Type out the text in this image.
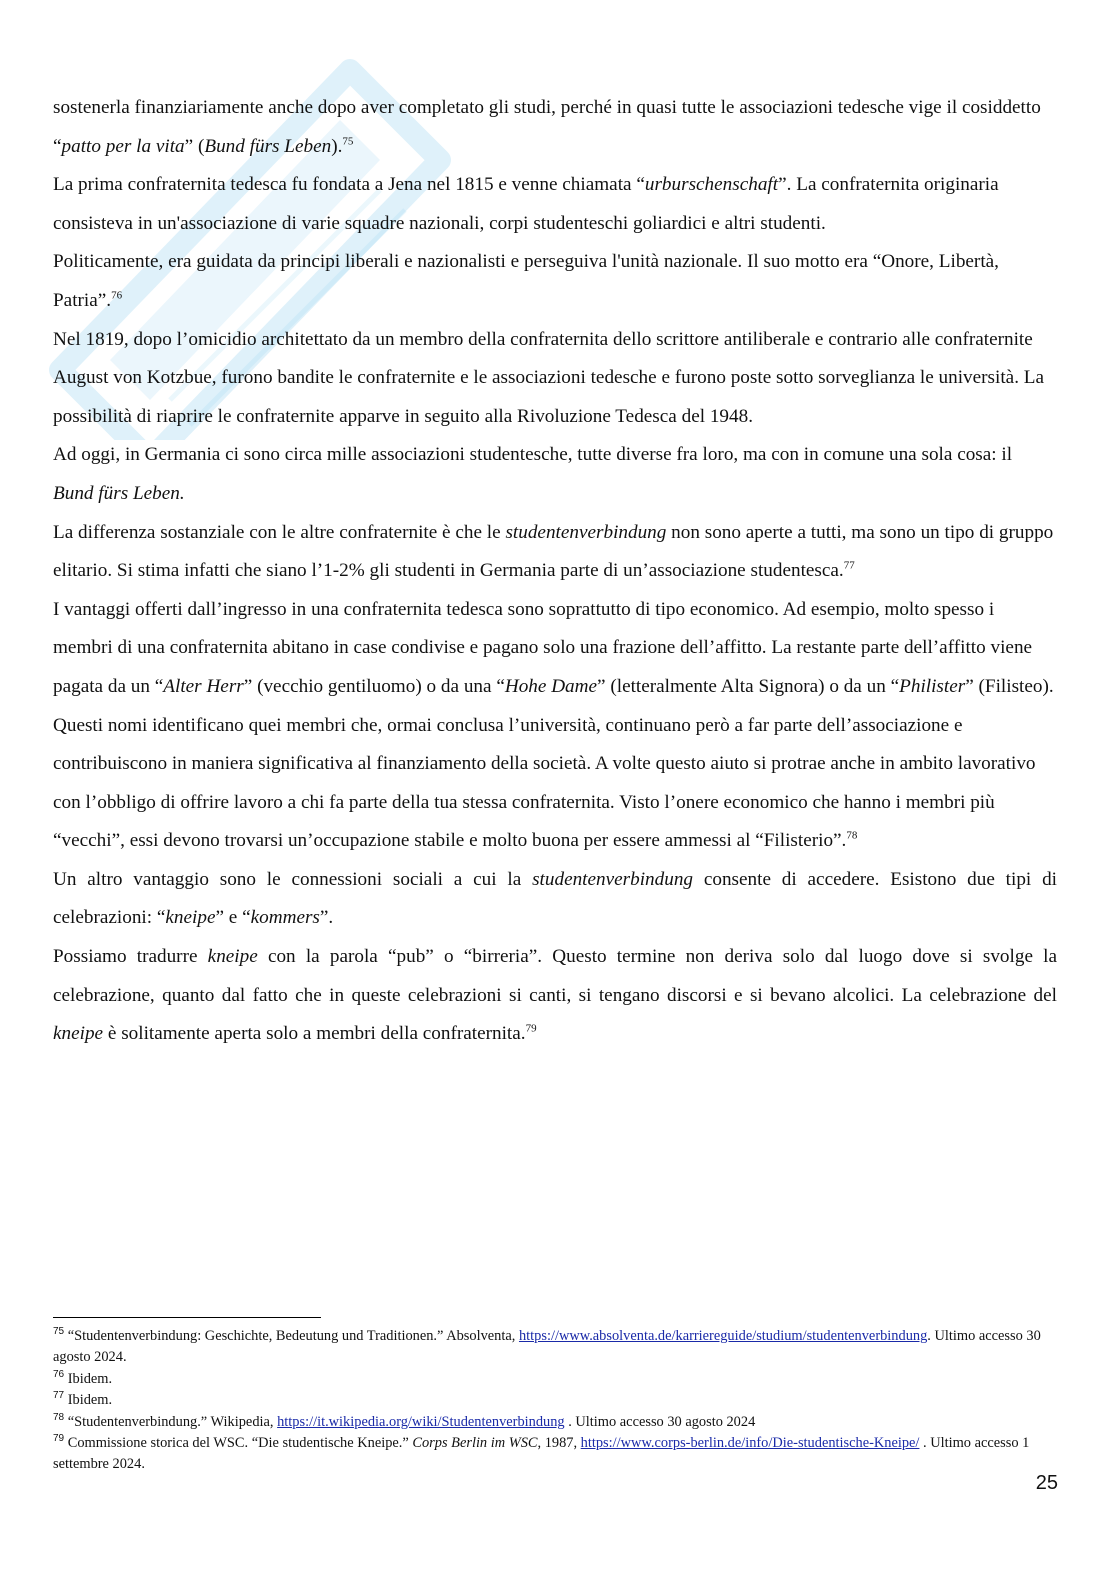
sostenerla finanziariamente anche dopo aver completato gli studi, perché in quasi tutte le associazioni tedesche vige il cosiddetto “patto per la vita” (Bund fürs Leben).$^{75}$

La prima confraternita tedesca fu fondata a Jena nel 1815 e venne chiamata “urburschenschaft”. La confraternita originaria consisteva in un'associazione di varie squadre nazionali, corpi studenteschi goliardici e altri studenti.

Politicamente, era guidata da principi liberali e nazionalisti e perseguiva l'unità nazionale. Il suo motto era “Onore, Libertà, Patria”.$^{76}$

Nel 1819, dopo l’omicidio architettato da un membro della confraternita dello scrittore antiliberale e contrario alle confraternite August von Kotzbue, furono bandite le confraternite e le associazioni tedesche e furono poste sotto sorveglianza le università. La possibilità di riaprire le confraternite apparve in seguito alla Rivoluzione Tedesca del 1948.

Ad oggi, in Germania ci sono circa mille associazioni studentesche, tutte diverse fra loro, ma con in comune una sola cosa: il Bund fürs Leben.

La differenza sostanziale con le altre confraternite è che le studentenverbindung non sono aperte a tutti, ma sono un tipo di gruppo elitario. Si stima infatti che siano l’1-2% gli studenti in Germania parte di un’associazione studentesca.$^{77}$

I vantaggi offerti dall’ingresso in una confraternita tedesca sono soprattutto di tipo economico. Ad esempio, molto spesso i membri di una confraternita abitano in case condivise e pagano solo una frazione dell’affitto. La restante parte dell’affitto viene pagata da un “Alter Herr” (vecchio gentiluomo) o da una “Hohe Dame” (letteralmente Alta Signora) o da un “Philister” (Filisteo). Questi nomi identificano quei membri che, ormai conclusa l’università, continuano però a far parte dell’associazione e contribuiscono in maniera significativa al finanziamento della società. A volte questo aiuto si protrae anche in ambito lavorativo con l’obbligo di offrire lavoro a chi fa parte della tua stessa confraternita. Visto l’onere economico che hanno i membri più “vecchi”, essi devono trovarsi un’occupazione stabile e molto buona per essere ammessi al “Filisterio”.$^{78}$

Un altro vantaggio sono le connessioni sociali a cui la studentenverbindung consente di accedere. Esistono due tipi di celebrazioni: “kneipe” e “kommers”.

Possiamo tradurre kneipe con la parola “pub” o “birreria”. Questo termine non deriva solo dal luogo dove si svolge la celebrazione, quanto dal fatto che in queste celebrazioni si canti, si tengano discorsi e si bevano alcolici. La celebrazione del kneipe è solitamente aperta solo a membri della confraternita.$^{79}$

$^{75}$ “Studentenverbindung: Geschichte, Bedeutung und Traditionen.” Absolventa, https://www.absolventa.de/karriereguide/studium/studentenverbindung. Ultimo accesso 30 agosto 2024.
$^{76}$ Ibidem.
$^{77}$ Ibidem.
$^{78}$ “Studentenverbindung.” Wikipedia, https://it.wikipedia.org/wiki/Studentenverbindung . Ultimo accesso 30 agosto 2024
$^{79}$ Commissione storica del WSC. “Die studentische Kneipe.” Corps Berlin im WSC, 1987, https://www.corps-berlin.de/info/Die-studentische-Kneipe/ . Ultimo accesso 1 settembre 2024.
25
